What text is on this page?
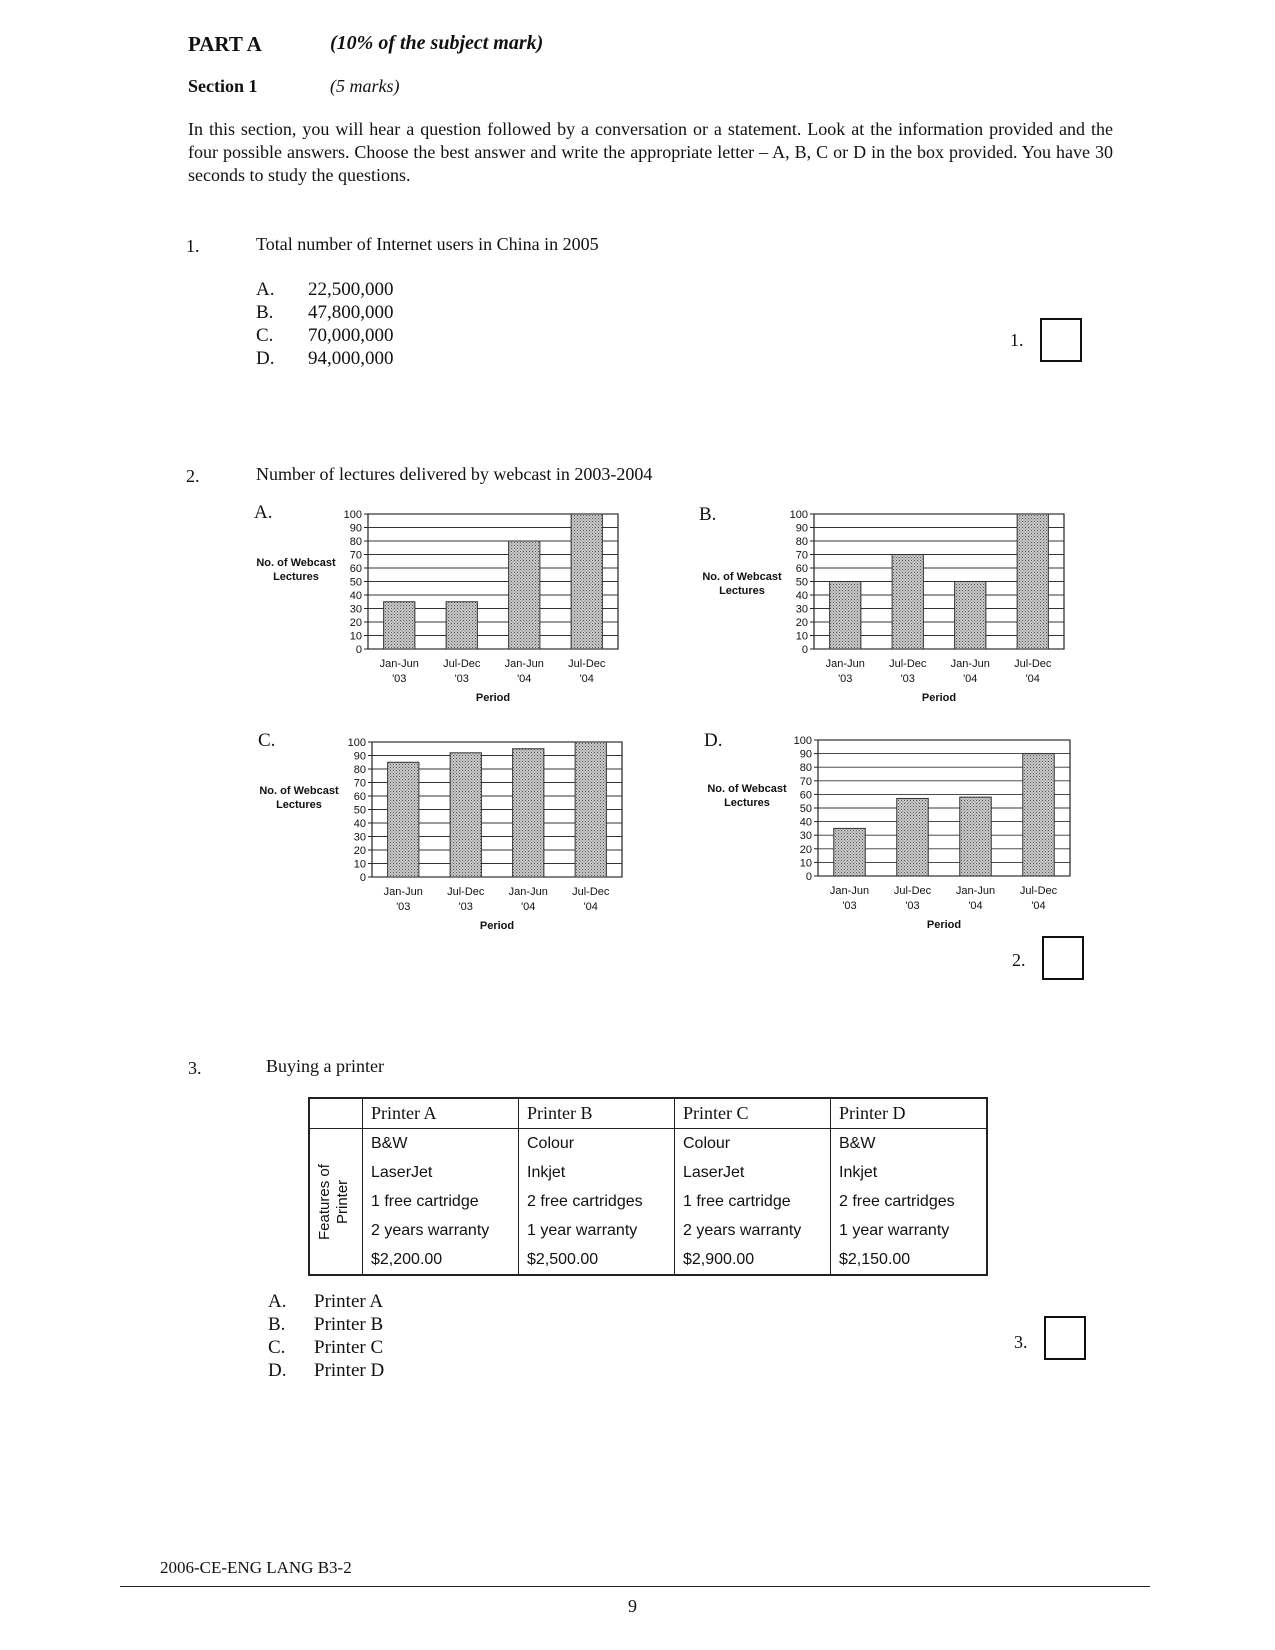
PART A	(10% of the subject mark)
Section 1	(5 marks)
In this section, you will hear a question followed by a conversation or a statement. Look at the information provided and the four possible answers. Choose the best answer and write the appropriate letter – A, B, C or D in the box provided. You have 30 seconds to study the questions.
1.	Total number of Internet users in China in 2005
A. 22,500,000
B. 47,800,000
C. 70,000,000
D. 94,000,000
1.
2.	Number of lectures delivered by webcast in 2003-2004
A.
No. of Webcast Lectures
0
10
20
30
40
50
60
70
80
90
100
Jan-Jun
'03
Jul-Dec
'03
Jan-Jun
'04
Jul-Dec
'04
Period
B.
No. of Webcast Lectures
0
10
20
30
40
50
60
70
80
90
100
Jan-Jun
'03
Jul-Dec
'03
Jan-Jun
'04
Jul-Dec
'04
Period
C.
No. of Webcast Lectures
0
10
20
30
40
50
60
70
80
90
100
Jan-Jun
'03
Jul-Dec
'03
Jan-Jun
'04
Jul-Dec
'04
Period
D.
No. of Webcast Lectures
0
10
20
30
40
50
60
70
80
90
100
Jan-Jun
'03
Jul-Dec
'03
Jan-Jun
'04
Jul-Dec
'04
Period
2.
3.	Buying a printer
	Printer A	Printer B	Printer C	Printer D

Features of Printer	B&W	Colour	Colour	B&W
	LaserJet	Inkjet	LaserJet	Inkjet
	1 free cartridge	2 free cartridges	1 free cartridge	2 free cartridges
	2 years warranty	1 year warranty	2 years warranty	1 year warranty
	$2,200.00	$2,500.00	$2,900.00	$2,150.00
A. Printer A
B. Printer B
C. Printer C
D. Printer D
3.
2006-CE-ENG LANG B3-2
9
